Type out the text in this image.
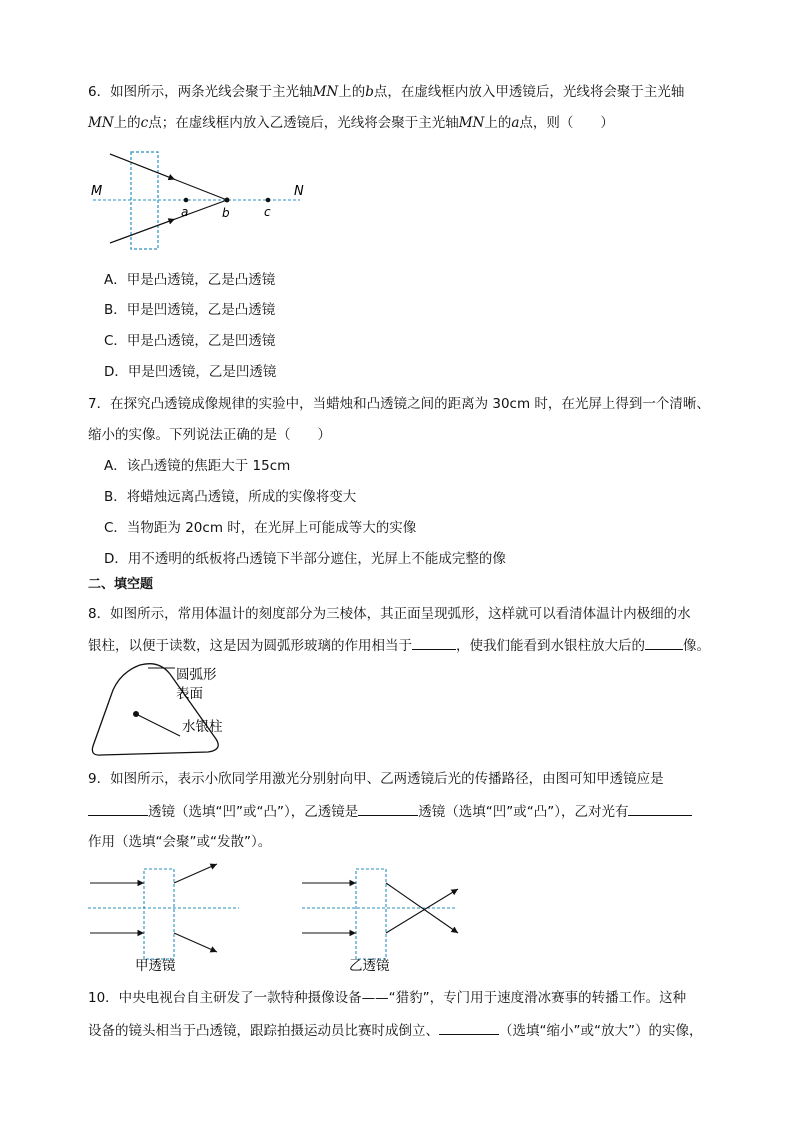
6．如图所示，两条光线会聚于主光轴MN上的b点，在虚线框内放入甲透镜后，光线将会聚于主光轴
MN上的c点；在虚线框内放入乙透镜后，光线将会聚于主光轴MN上的a点，则（　　）
M	N
a	b	c
A．甲是凸透镜，乙是凸透镜
B．甲是凹透镜，乙是凸透镜
C．甲是凸透镜，乙是凹透镜
D．甲是凹透镜，乙是凹透镜
7．在探究凸透镜成像规律的实验中，当蜡烛和凸透镜之间的距离为 30cm 时，在光屏上得到一个清晰、
缩小的实像。下列说法正确的是（　　）
A．该凸透镜的焦距大于 15cm
B．将蜡烛远离凸透镜，所成的实像将变大
C．当物距为 20cm 时，在光屏上可能成等大的实像
D．用不透明的纸板将凸透镜下半部分遮住，光屏上不能成完整的像
二、填空题
8．如图所示，常用体温计的刻度部分为三棱体，其正面呈现弧形，这样就可以看清体温计内极细的水
银柱，以便于读数，这是因为圆弧形玻璃的作用相当于	，使我们能看到水银柱放大后的	像。
圆弧形
表面
水银柱
9．如图所示，表示小欣同学用激光分别射向甲、乙两透镜后光的传播路径，由图可知甲透镜应是
透镜（选填“凹”或“凸”），乙透镜是	透镜（选填“凹”或“凸”），乙对光有
作用（选填“会聚”或“发散”）。
甲透镜	乙透镜
10．中央电视台自主研发了一款特种摄像设备——“猎豹”，专门用于速度滑冰赛事的转播工作。这种
设备的镜头相当于凸透镜，跟踪拍摄运动员比赛时成倒立、	（选填“缩小”或“放大”）的实像，
